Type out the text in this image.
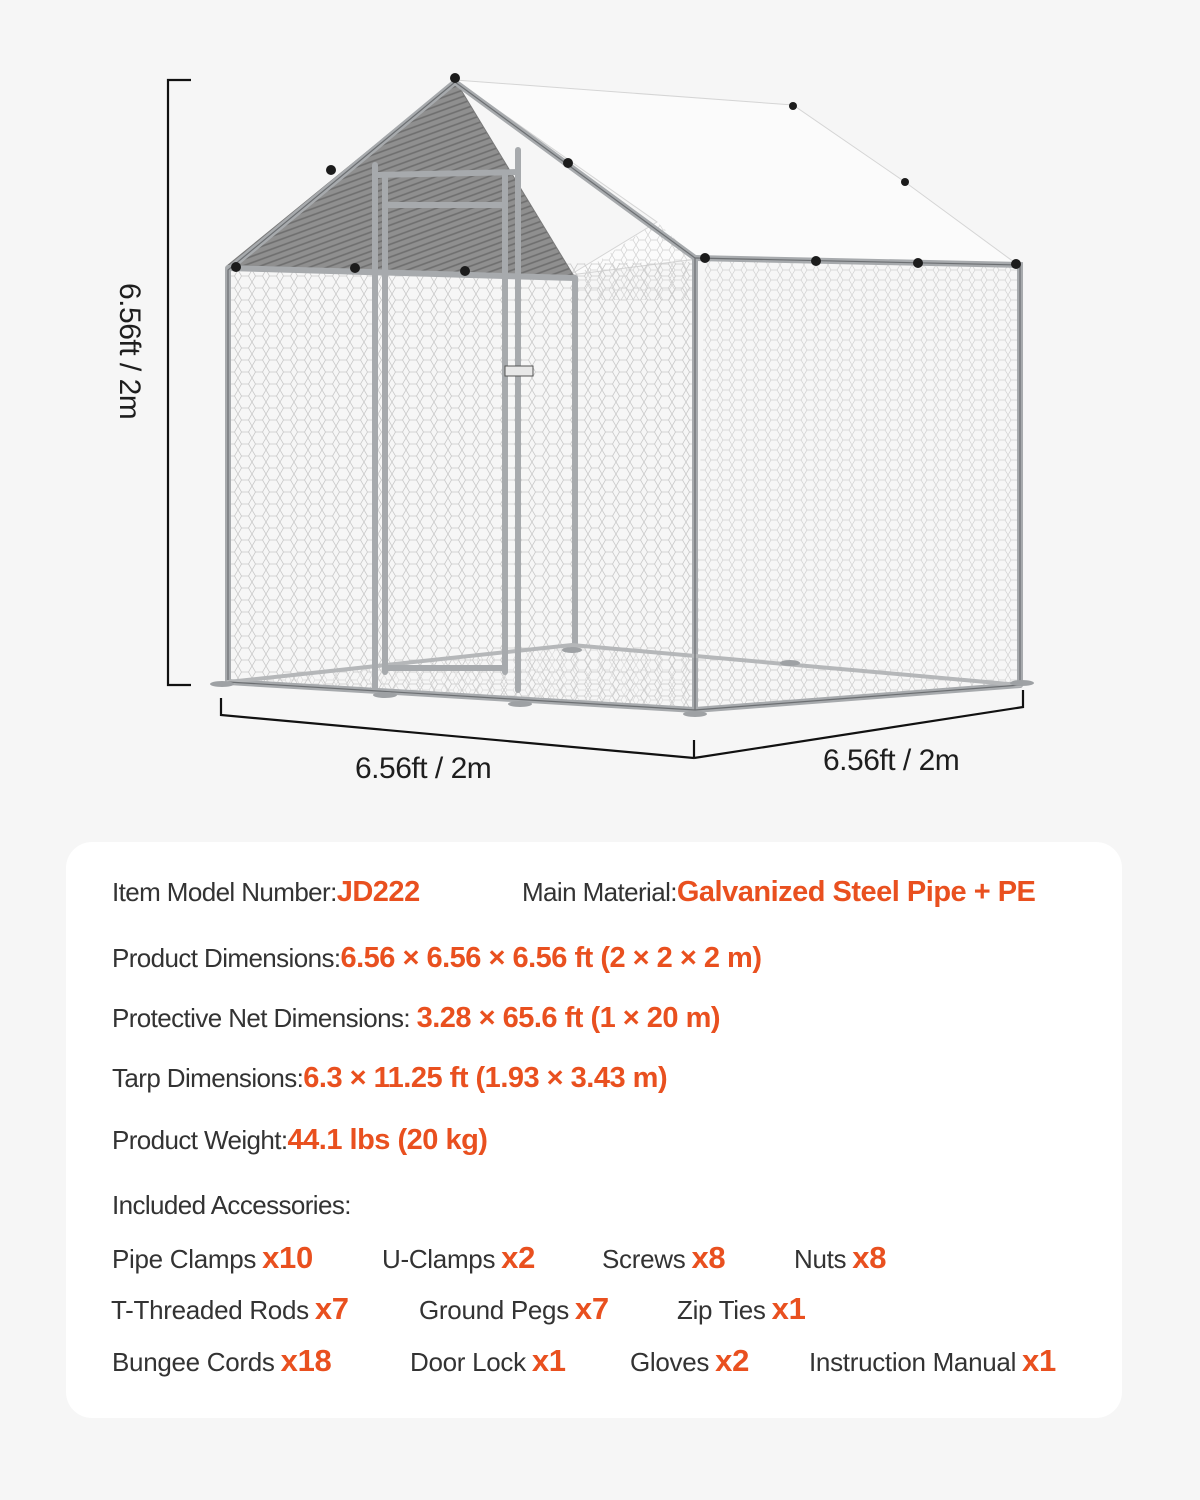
6.56ft / 2m
6.56ft / 2m	6.56ft / 2m
Item Model Number:JD222	Main Material:Galvanized Steel Pipe + PE
Product Dimensions:6.56 × 6.56 × 6.56 ft (2 × 2 × 2 m)
Protective Net Dimensions: 3.28 × 65.6 ft (1 × 20 m)
Tarp Dimensions:6.3 × 11.25 ft (1.93 × 3.43 m)
Product Weight:44.1 lbs (20 kg)
Included Accessories:
Pipe Clamps x10	U-Clamps x2	Screws x8	Nuts x8
T-Threaded Rods x7	Ground Pegs x7	Zip Ties x1
Bungee Cords x18	Door Lock x1 Gloves x2 Instruction Manual x1
